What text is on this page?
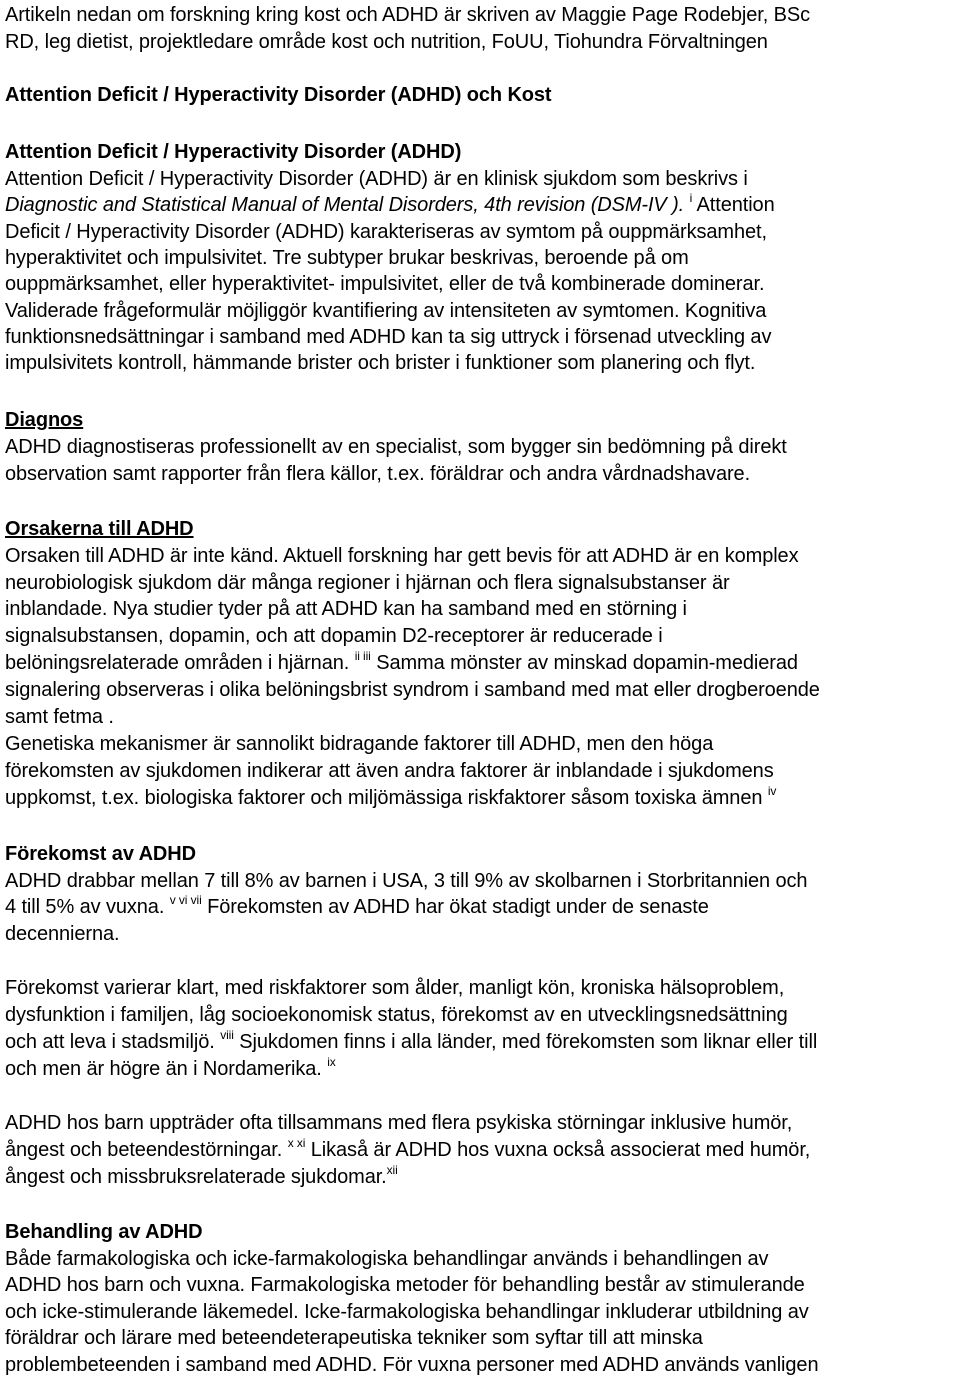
Artikeln nedan om forskning kring kost och ADHD är skriven av Maggie Page Rodebjer, BSc
RD, leg dietist, projektledare område kost och nutrition, FoUU, Tiohundra Förvaltningen
Attention Deficit / Hyperactivity Disorder (ADHD) och Kost
Attention Deficit / Hyperactivity Disorder (ADHD)
Attention Deficit / Hyperactivity Disorder (ADHD) är en klinisk sjukdom som beskrivs i
Diagnostic and Statistical Manual of Mental Disorders, 4th revision (DSM-IV ). $^i$ Attention
Deficit / Hyperactivity Disorder (ADHD) karakteriseras av symtom på ouppmärksamhet,
hyperaktivitet och impulsivitet. Tre subtyper brukar beskrivas, beroende på om
ouppmärksamhet, eller hyperaktivitet- impulsivitet, eller de två kombinerade dominerar.
Validerade frågeformulär möjliggör kvantifiering av intensiteten av symtomen. Kognitiva
funktionsnedsättningar i samband med ADHD kan ta sig uttryck i försenad utveckling av
impulsivitets kontroll, hämmande brister och brister i funktioner som planering och flyt.
Diagnos
ADHD diagnostiseras professionellt av en specialist, som bygger sin bedömning på direkt
observation samt rapporter från flera källor, t.ex. föräldrar och andra vårdnadshavare.
Orsakerna till ADHD
Orsaken till ADHD är inte känd. Aktuell forskning har gett bevis för att ADHD är en komplex
neurobiologisk sjukdom där många regioner i hjärnan och flera signalsubstanser är
inblandade. Nya studier tyder på att ADHD kan ha samband med en störning i
signalsubstansen, dopamin, och att dopamin D2-receptorer är reducerade i
belöningsrelaterade områden i hjärnan. $^{ii iii}$ Samma mönster av minskad dopamin-medierad
signalering observeras i olika belöningsbrist syndrom i samband med mat eller drogberoende
samt fetma .
Genetiska mekanismer är sannolikt bidragande faktorer till ADHD, men den höga
förekomsten av sjukdomen indikerar att även andra faktorer är inblandade i sjukdomens
uppkomst, t.ex. biologiska faktorer och miljömässiga riskfaktorer såsom toxiska ämnen $^{iv}$
Förekomst av ADHD
ADHD drabbar mellan 7 till 8% av barnen i USA, 3 till 9% av skolbarnen i Storbritannien och
4 till 5% av vuxna. $^{v vi vii}$ Förekomsten av ADHD har ökat stadigt under de senaste
decennierna.
Förekomst varierar klart, med riskfaktorer som ålder, manligt kön, kroniska hälsoproblem,
dysfunktion i familjen, låg socioekonomisk status, förekomst av en utvecklingsnedsättning
och att leva i stadsmiljö. $^{viii}$ Sjukdomen finns i alla länder, med förekomsten som liknar eller till
och men är högre än i Nordamerika. $^{ix}$
ADHD hos barn uppträder ofta tillsammans med flera psykiska störningar inklusive humör,
ångest och beteendestörningar. $^{x xi}$ Likaså är ADHD hos vuxna också associerat med humör,
ångest och missbruksrelaterade sjukdomar.$^{xii}$
Behandling av ADHD
Både farmakologiska och icke-farmakologiska behandlingar används i behandlingen av
ADHD hos barn och vuxna. Farmakologiska metoder för behandling består av stimulerande
och icke-stimulerande läkemedel. Icke-farmakologiska behandlingar inkluderar utbildning av
föräldrar och lärare med beteendeterapeutiska tekniker som syftar till att minska
problembeteenden i samband med ADHD. För vuxna personer med ADHD används vanligen
